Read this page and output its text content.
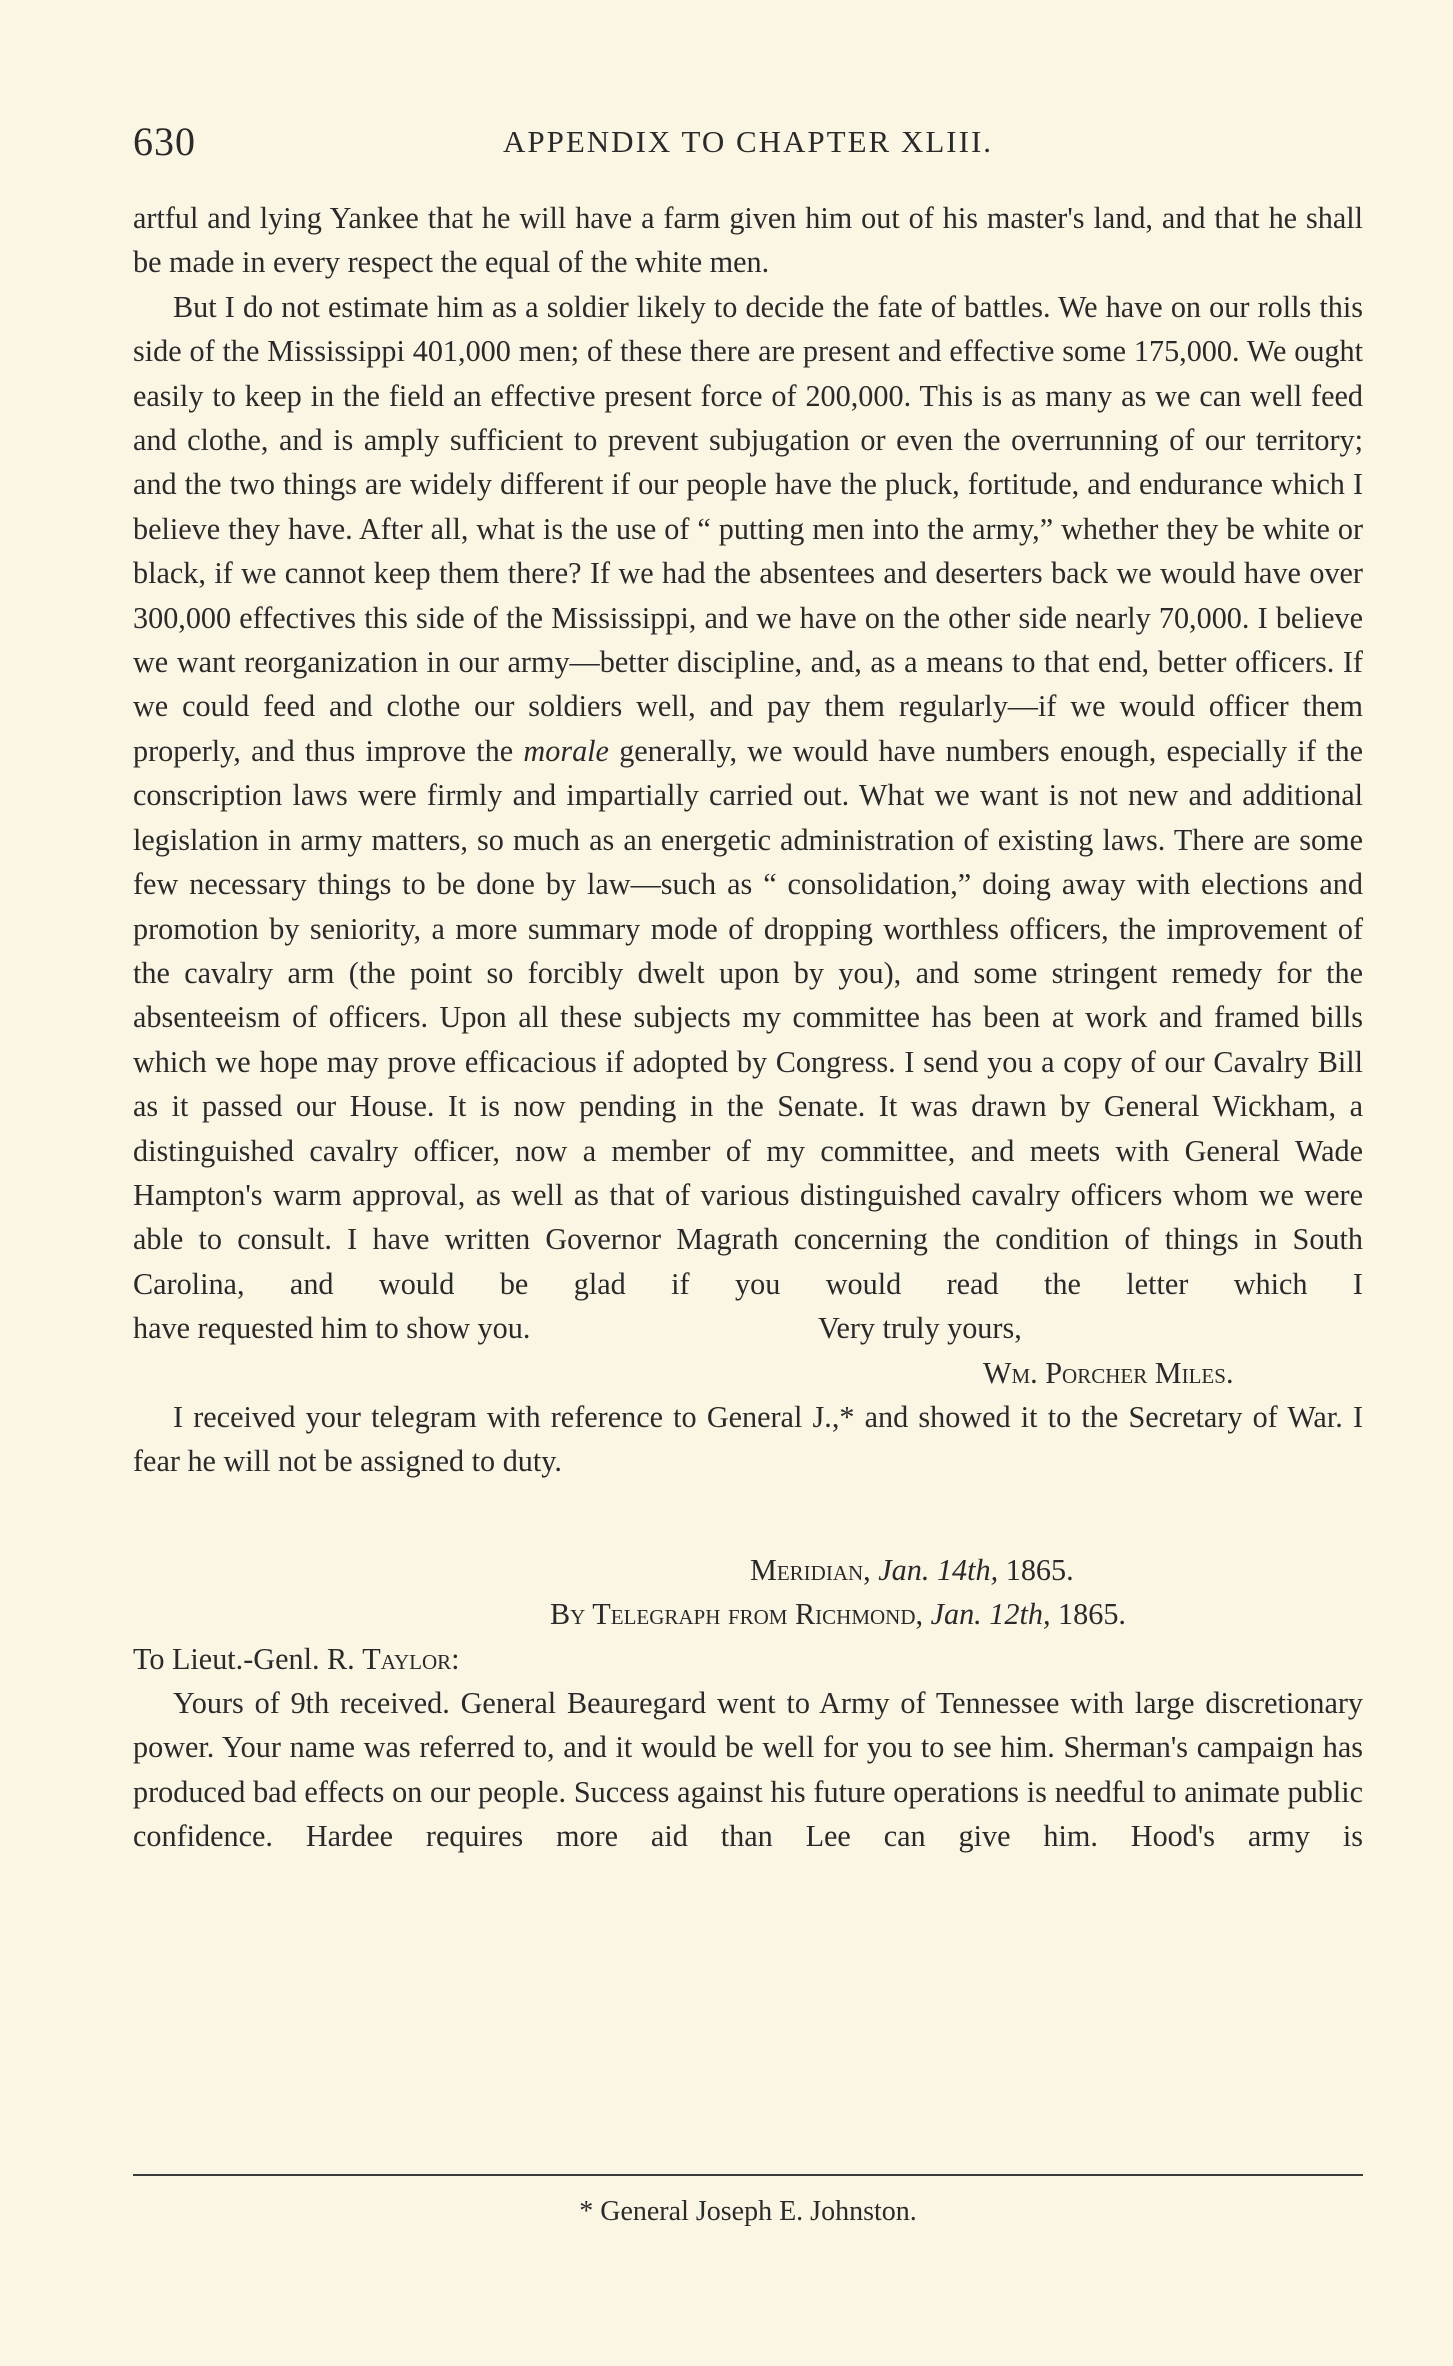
630	APPENDIX TO CHAPTER XLIII.

artful and lying Yankee that he will have a farm given him out of his master's land, and that he shall be made in every respect the equal of the white men.

But I do not estimate him as a soldier likely to decide the fate of battles. We have on our rolls this side of the Mississippi 401,000 men; of these there are present and effective some 175,000. We ought easily to keep in the field an effective present force of 200,000. This is as many as we can well feed and clothe, and is amply sufficient to prevent subjugation or even the overrunning of our territory; and the two things are widely different if our people have the pluck, fortitude, and endurance which I believe they have. After all, what is the use of “ putting men into the army,” whether they be white or black, if we cannot keep them there? If we had the absentees and deserters back we would have over 300,000 effectives this side of the Mississippi, and we have on the other side nearly 70,000. I believe we want reorganization in our army—better discipline, and, as a means to that end, better officers. If we could feed and clothe our soldiers well, and pay them regularly—if we would officer them properly, and thus improve the morale generally, we would have numbers enough, especially if the conscription laws were firmly and impartially carried out. What we want is not new and additional legislation in army matters, so much as an energetic administration of existing laws. There are some few necessary things to be done by law—such as “ consolidation,” doing away with elections and promotion by seniority, a more summary mode of dropping worthless officers, the improvement of the cavalry arm (the point so forcibly dwelt upon by you), and some stringent remedy for the absenteeism of officers. Upon all these subjects my committee has been at work and framed bills which we hope may prove efficacious if adopted by Congress. I send you a copy of our Cavalry Bill as it passed our House. It is now pending in the Senate. It was drawn by General Wickham, a distinguished cavalry officer, now a member of my committee, and meets with General Wade Hampton's warm approval, as well as that of various distinguished cavalry officers whom we were able to consult. I have written Governor Magrath concerning the condition of things in South Carolina, and would be glad if you would read the letter which I

have requested him to show you.	Very truly yours,

Wm. Porcher Miles.

I received your telegram with reference to General J.,* and showed it to the Secretary of War. I fear he will not be assigned to duty.

Meridian, Jan. 14th, 1865.

By Telegraph from Richmond, Jan. 12th, 1865.

To Lieut.-Genl. R. Taylor:

Yours of 9th received. General Beauregard went to Army of Tennessee with large discretionary power. Your name was referred to, and it would be well for you to see him. Sherman's campaign has produced bad effects on our people. Success against his future operations is needful to animate public confidence. Hardee requires more aid than Lee can give him. Hood's army is

* General Joseph E. Johnston.
